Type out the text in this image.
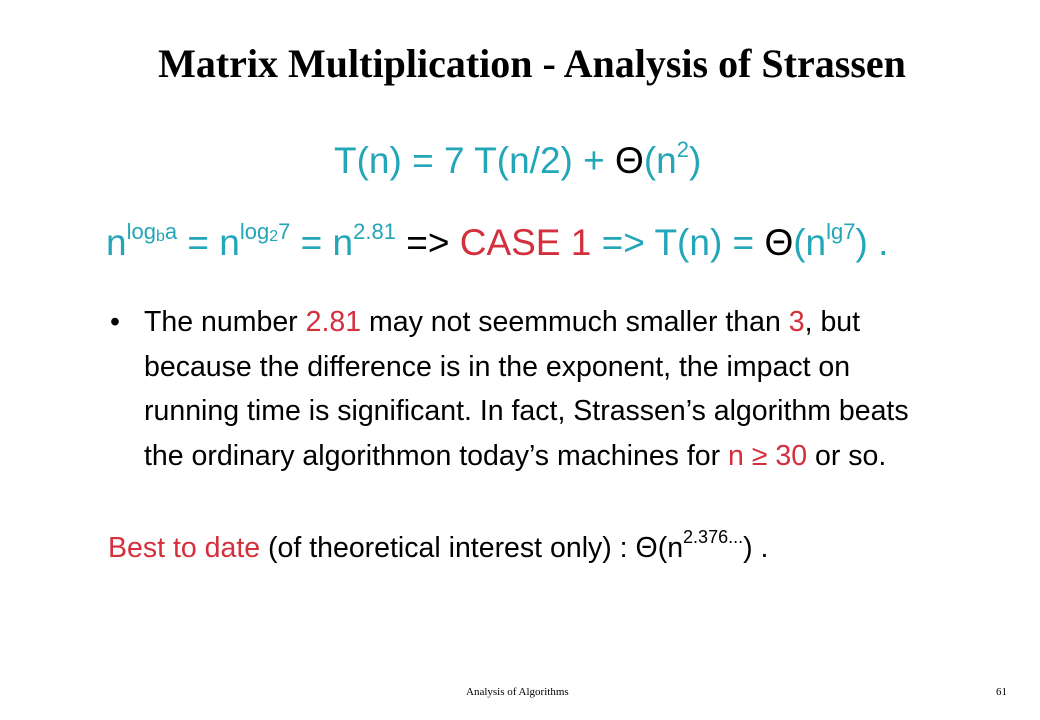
Matrix Multiplication - Analysis of Strassen
T(n) = 7 $T(n/2) + \Theta(n^2)$
$n^{logba} = n^{log27} = n^{2.81}$ => CASE $1 => T(n) = \Theta(n^{lg7})$ .
• The number 2.81 may not seemmuch smaller than 3, but because the difference is in the exponent, the impact on running time is significant. In fact, Strassen’s algorithm beats the ordinary algorithmon today’s machines for n ≥ 30 or so.
Best to date (of theoretical interest only) : $\Theta(n^{2.376...})$ .
Analysis of Algorithms	61
